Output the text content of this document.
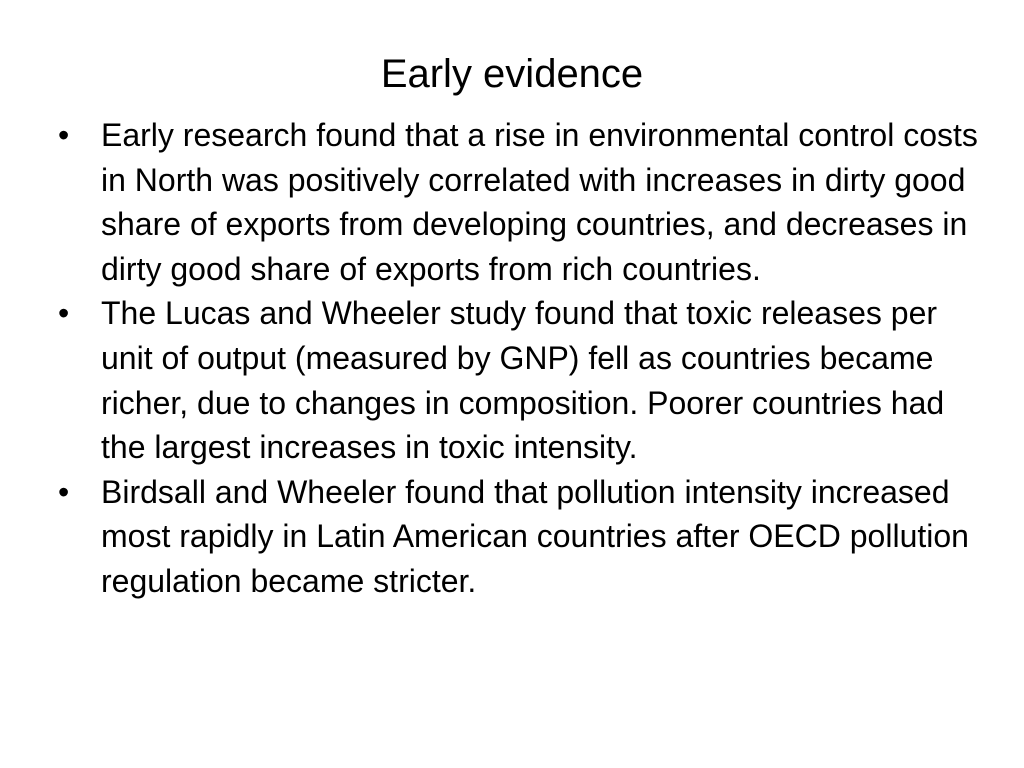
Early evidence
• Early research found that a rise in environmental control costs in North was positively correlated with increases in dirty good share of exports from developing countries, and decreases in dirty good share of exports from rich countries.
• The Lucas and Wheeler study found that toxic releases per unit of output (measured by GNP) fell as countries became richer, due to changes in composition. Poorer countries had the largest increases in toxic intensity.
• Birdsall and Wheeler found that pollution intensity increased most rapidly in Latin American countries after OECD pollution regulation became stricter.
